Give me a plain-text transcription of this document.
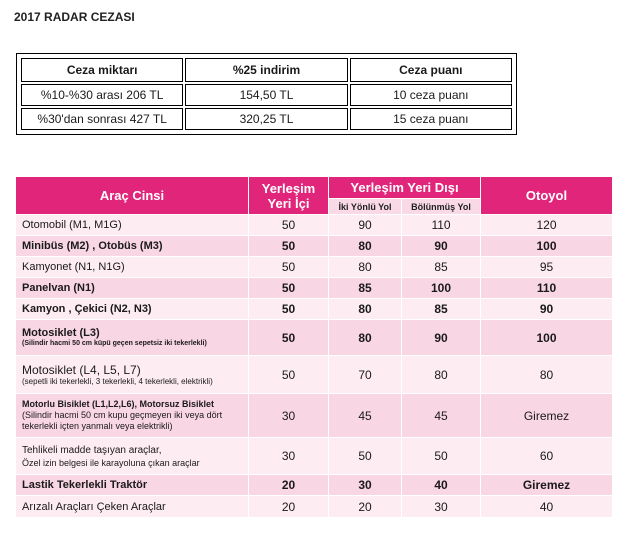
2017 RADAR CEZASI
Ceza miktarı	%25 indirim	Ceza puanı
%10-%30 arası 206 TL	154,50 TL	10 ceza puanı
%30'dan sonrası 427 TL	320,25 TL	15 ceza puanı
Araç Cinsi	Yerleşim Yeri İçi	Yerleşim Yeri Dışı		Otoyol
		İki Yönlü Yol	Bölünmüş Yol	
Otomobil (M1, M1G)	50	90	110	120
Minibüs (M2) , Otobüs (M3)	50	80	90	100
Kamyonet (N1, N1G)	50	80	85	95
Panelvan (N1)	50	85	100	110
Kamyon , Çekici (N2, N3)	50	80	85	90
Motosiklet (L3)
(Silindir hacmi 50 cm küpü geçen sepetsiz iki tekerlekli)	50	80	90	100
Motosiklet (L4, L5, L7)
(sepetli iki tekerlekli, 3 tekerlekli, 4 tekerlekli, elektrikli)	50	70	80	80

Motorlu Bisiklet (L1,L2,L6), Motorsuz Bisiklet
(Silindir hacmi 50 cm kupu geçmeyen iki veya dört tekerlekli içten yanmalı veya elektrikli)	30	45	45	Giremez

Tehlikeli madde taşıyan araçlar,
Özel izin belgesi ile karayoluna çıkan araçlar	30	50	50	60
Lastik Tekerlekli Traktör	20	30	40	Giremez
Arızalı Araçları Çeken Araçlar	20	20	30	40
